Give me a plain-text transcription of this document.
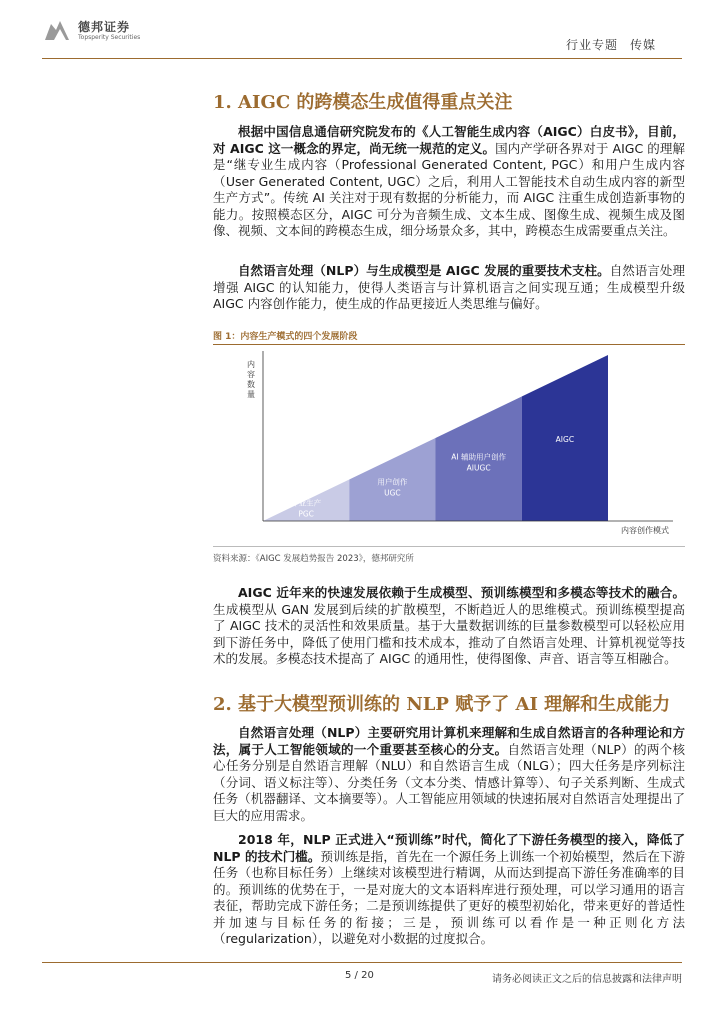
德邦证券
Topsperity Securities
行业专题 传媒
1. AIGC 的跨模态生成值得重点关注

根据中国信息通信研究院发布的《人工智能生成内容（AIGC）白皮书》，目前，对 AIGC 这一概念的界定，尚无统一规范的定义。国内产学研各界对于 AIGC 的理解是“继专业生成内容（Professional Generated Content, PGC）和用户生成内容（User Generated Content, UGC）之后，利用人工智能技术自动生成内容的新型生产方式”。传统 AI 关注对于现有数据的分析能力，而 AIGC 注重生成创造新事物的能力。按照模态区分，AIGC 可分为音频生成、文本生成、图像生成、视频生成及图像、视频、文本间的跨模态生成，细分场景众多，其中，跨模态生成需要重点关注。

自然语言处理（NLP）与生成模型是 AIGC 发展的重要技术支柱。自然语言处理增强 AIGC 的认知能力，使得人类语言与计算机语言之间实现互通；生成模型升级 AIGC 内容创作能力，使生成的作品更接近人类思维与偏好。

图 1：内容生产模式的四个发展阶段
专业生产
PGC
用户创作
UGC
AI 辅助用户创作
AIUGC
AIGC
内容数量
内容创作模式
资料来源：《AIGC 发展趋势报告 2023》，德邦研究所

AIGC 近年来的快速发展依赖于生成模型、预训练模型和多模态等技术的融合。生成模型从 GAN 发展到后续的扩散模型，不断趋近人的思维模式。预训练模型提高了 AIGC 技术的灵活性和效果质量。基于大量数据训练的巨量参数模型可以轻松应用到下游任务中，降低了使用门槛和技术成本，推动了自然语言处理、计算机视觉等技术的发展。多模态技术提高了 AIGC 的通用性，使得图像、声音、语言等互相融合。

2. 基于大模型预训练的 NLP 赋予了 AI 理解和生成能力

自然语言处理（NLP）主要研究用计算机来理解和生成自然语言的各种理论和方法，属于人工智能领域的一个重要甚至核心的分支。自然语言处理（NLP）的两个核心任务分别是自然语言理解（NLU）和自然语言生成（NLG）；四大任务是序列标注（分词、语义标注等）、分类任务（文本分类、情感计算等）、句子关系判断、生成式任务（机器翻译、文本摘要等）。人工智能应用领域的快速拓展对自然语言处理提出了巨大的应用需求。

2018 年，NLP 正式进入“预训练”时代，简化了下游任务模型的接入，降低了 NLP 的技术门槛。预训练是指，首先在一个源任务上训练一个初始模型，然后在下游任务（也称目标任务）上继续对该模型进行精调，从而达到提高下游任务准确率的目的。预训练的优势在于，一是对庞大的文本语料库进行预处理，可以学习通用的语言表征，帮助完成下游任务；二是预训练提供了更好的模型初始化，带来更好的普适性并加速与目标任务的衔接；三是，预训练可以看作是一种正则化方法（regularization），以避免对小数据的过度拟合。

5 / 20	请务必阅读正文之后的信息披露和法律声明
